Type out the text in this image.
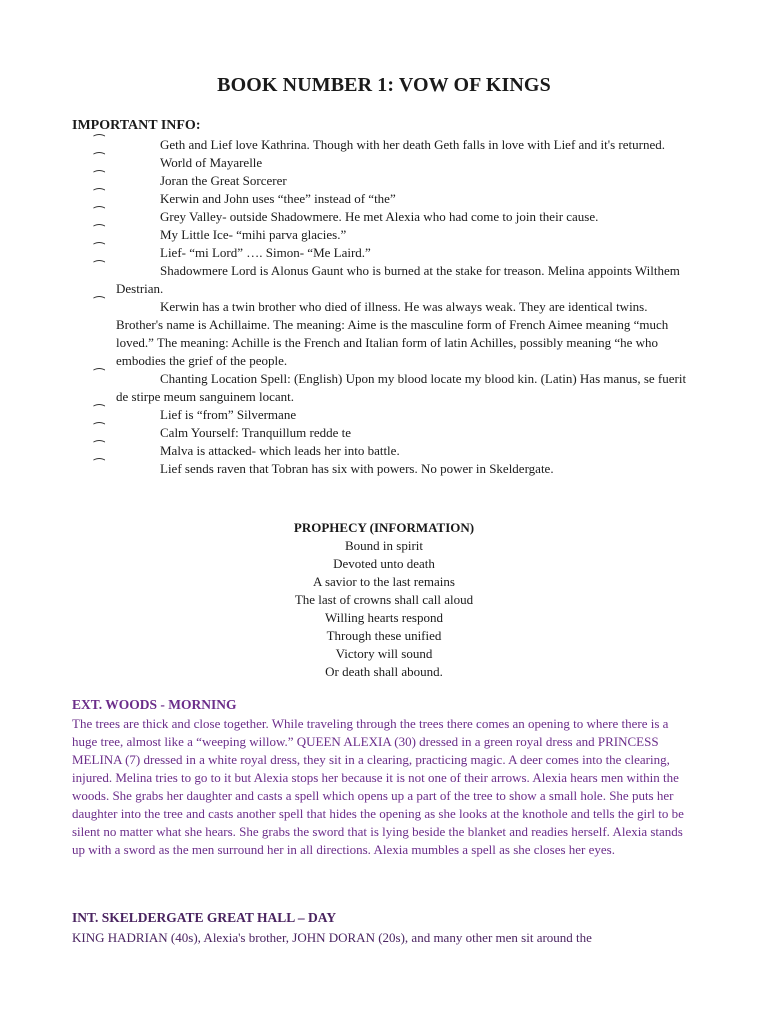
BOOK NUMBER 1: VOW OF KINGS
IMPORTANT INFO:
⁀	Geth and Lief love Kathrina. Though with her death Geth falls in love with Lief and it's returned.
⁀	World of Mayarelle
⁀	Joran the Great Sorcerer
⁀	Kerwin and John uses “thee” instead of “the”
⁀	Grey Valley- outside Shadowmere. He met Alexia who had come to join their cause.
⁀	My Little Ice- “mihi parva glacies.”
⁀	Lief- “mi Lord” …. Simon- “Me Laird.”
⁀	Shadowmere Lord is Alonus Gaunt who is burned at the stake for treason. Melina appoints Wilthem Destrian.
⁀	Kerwin has a twin brother who died of illness. He was always weak. They are identical twins. Brother's name is Achillaime. The meaning: Aime is the masculine form of French Aimee meaning “much loved.” The meaning: Achille is the French and Italian form of latin Achilles, possibly meaning “he who embodies the grief of the people.
⁀	Chanting Location Spell: (English) Upon my blood locate my blood kin. (Latin) Has manus, se fuerit de stirpe meum sanguinem locant.
⁀	Lief is “from” Silvermane
⁀	Calm Yourself: Tranquillum redde te
⁀	Malva is attacked- which leads her into battle.
⁀	Lief sends raven that Tobran has six with powers. No power in Skeldergate.
PROPHECY (INFORMATION)
Bound in spirit
Devoted unto death
A savior to the last remains
The last of crowns shall call aloud
Willing hearts respond
Through these unified
Victory will sound
Or death shall abound.
EXT. WOODS - MORNING
The trees are thick and close together. While traveling through the trees there comes an opening to where there is a huge tree, almost like a “weeping willow.” QUEEN ALEXIA (30) dressed in a green royal dress and PRINCESS MELINA (7) dressed in a white royal dress, they sit in a clearing, practicing magic. A deer comes into the clearing, injured. Melina tries to go to it but Alexia stops her because it is not one of their arrows. Alexia hears men within the woods. She grabs her daughter and casts a spell which opens up a part of the tree to show a small hole. She puts her daughter into the tree and casts another spell that hides the opening as she looks at the knothole and tells the girl to be silent no matter what she hears. She grabs the sword that is lying beside the blanket and readies herself. Alexia stands up with a sword as the men surround her in all directions. Alexia mumbles a spell as she closes her eyes.
INT. SKELDERGATE GREAT HALL – DAY
KING HADRIAN (40s), Alexia's brother, JOHN DORAN (20s), and many other men sit around the
